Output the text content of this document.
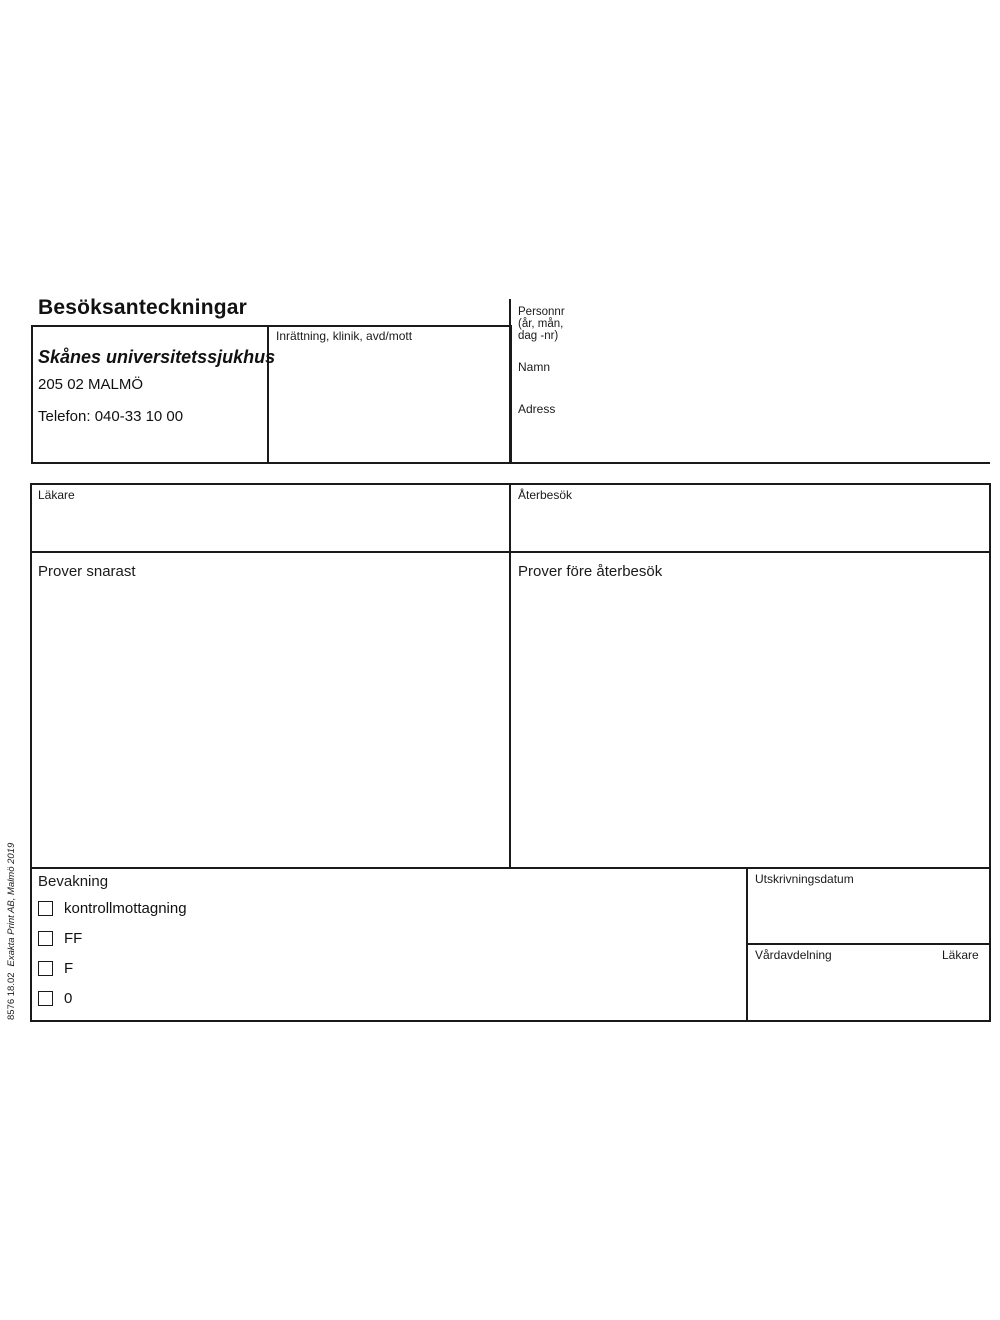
Besöksanteckningar
Skånes universitetssjukhus
205 02 MALMÖ
Telefon: 040-33 10 00
Inrättning, klinik, avd/mott
Personnr
(år, mån,
dag -nr)
Namn
Adress
Läkare	Återbesök
Prover snarast	Prover före återbesök
Bevakning
kontrollmottagning
FF
F
0
Utskrivningsdatum
Vårdavdelning	Läkare
8576 18.02Exakta Print AB, Malmö 2019
